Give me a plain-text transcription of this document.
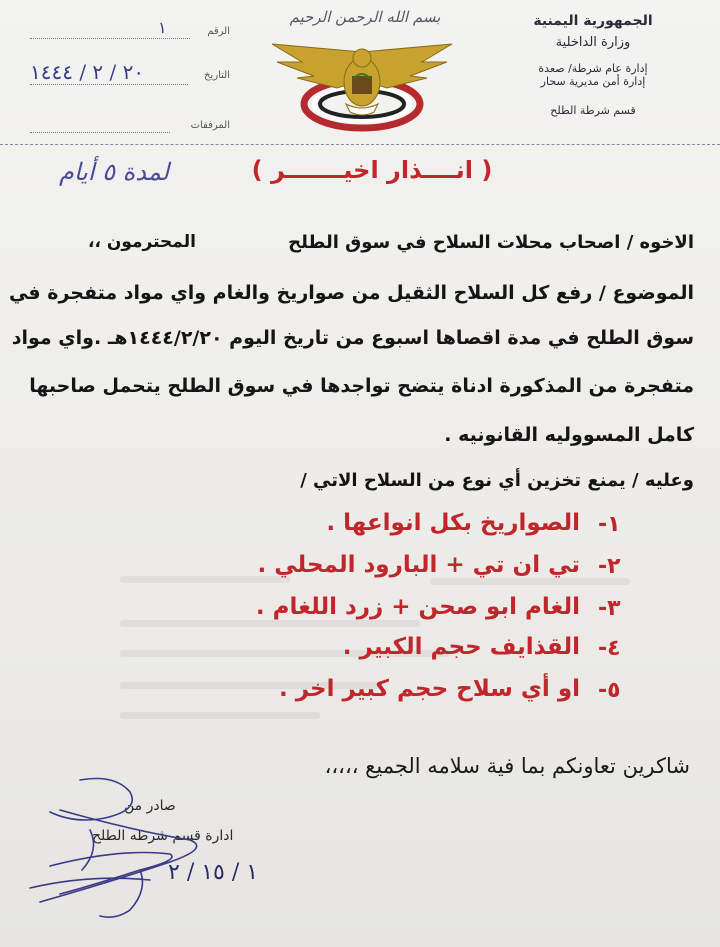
بسم الله الرحمن الرحيم	الجمهورية اليمنية
وزارة الداخلية
إدارة عام شرطة/ صعدة
إدارة أمن مديرية سحار
قسم شرطة الطلح
الرقم
١
التاريخ
٢٠ / ٢ / ١٤٤٤
المرفقات
( انــــذار اخيـــــــر )
لمدة ٥ أيام
الاخوه / اصحاب محلات السلاح في سوق الطلح
المحترمون ،،
الموضوع / رفع كل السلاح الثقيل من صواريخ والغام واي مواد متفجرة في
سوق الطلح في مدة اقصاها اسبوع من تاريخ اليوم ١٤٤٤/٢/٢٠هـ .واي مواد
متفجرة من المذكورة ادناة يتضح تواجدها في سوق الطلح يتحمل صاحبها
كامل المسووليه القانونيه .
وعليه / يمنع تخزين أي نوع من السلاح الاتي /
١-
الصواريخ بكل انواعها .
٢-
تي ان تي + البارود المحلي .
٣-
الغام ابو صحن + زرد اللغام .
٤-
القذايف حجم الكبير .
٥-
او أي سلاح حجم كبير اخر .
شاكرين تعاونكم بما فية سلامه الجميع ،،،،،
صادر من
ادارة قسم شرطه الطلح
١ / ١٥ / ٢
